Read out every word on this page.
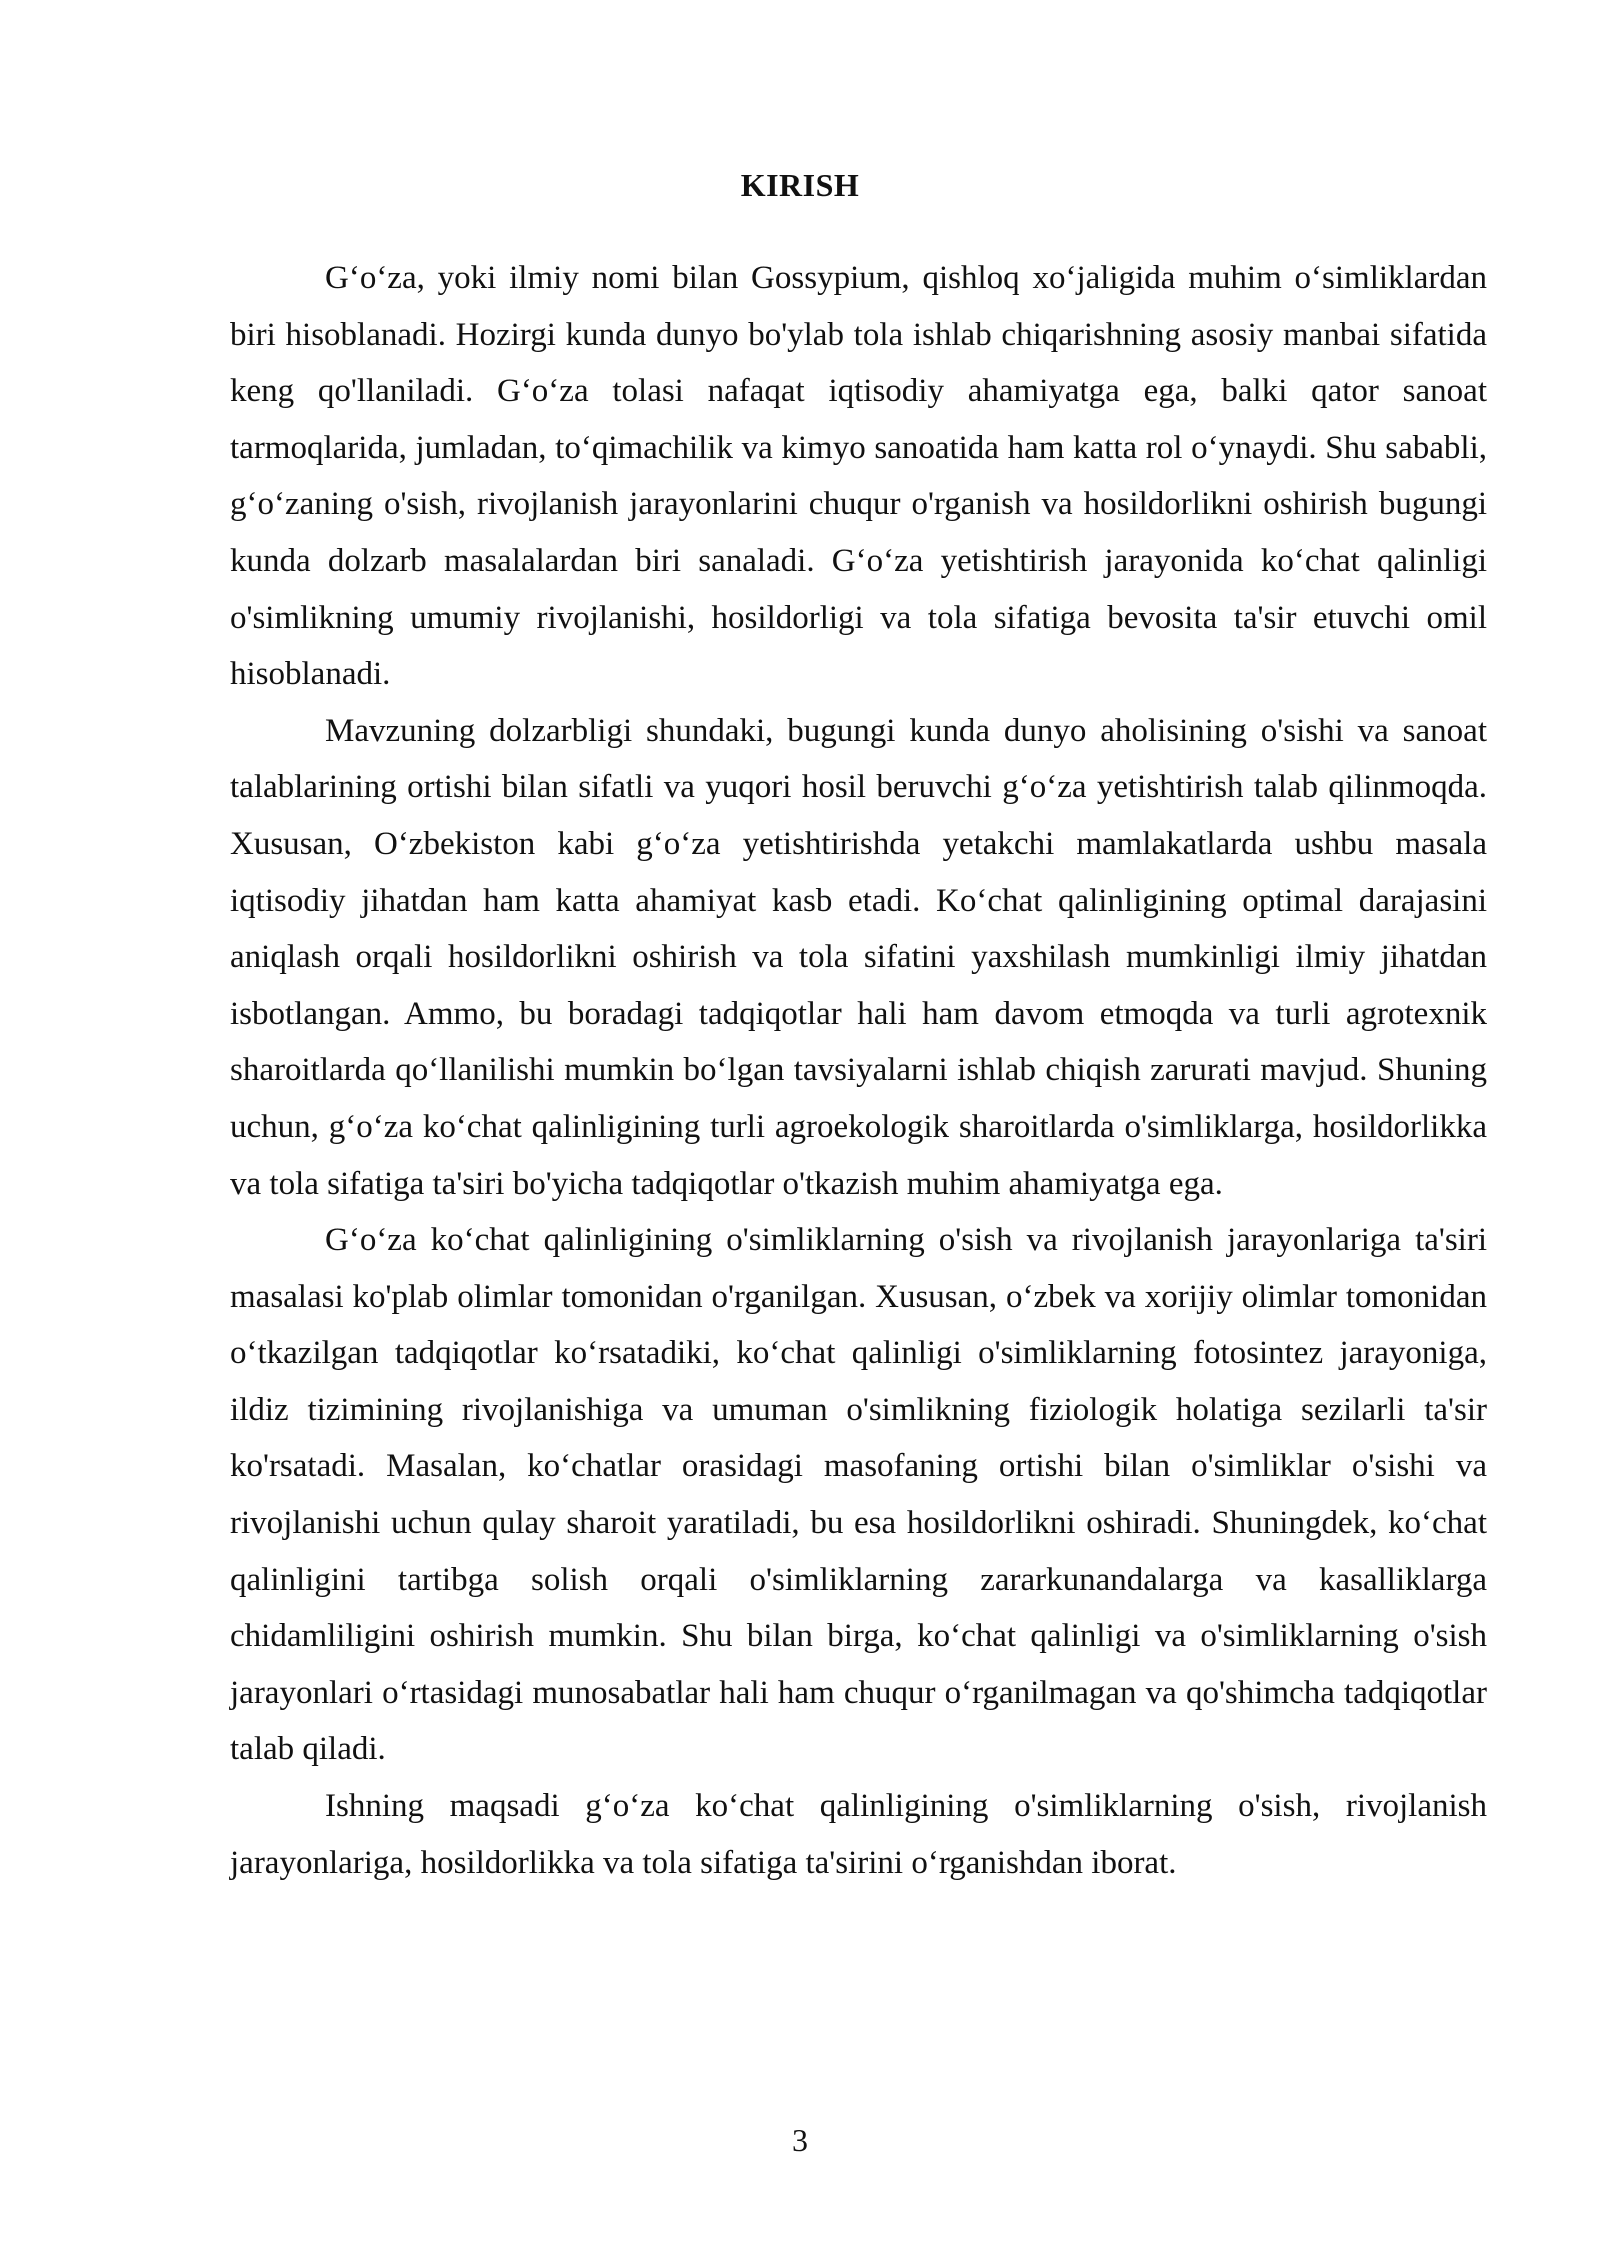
KIRISH

G‘o‘za, yoki ilmiy nomi bilan Gossypium, qishloq xo‘jaligida muhim o‘simliklardan biri hisoblanadi. Hozirgi kunda dunyo bo'ylab tola ishlab chiqarishning asosiy manbai sifatida keng qo'llaniladi. G‘o‘za tolasi nafaqat iqtisodiy ahamiyatga ega, balki qator sanoat tarmoqlarida, jumladan, to‘qimachilik va kimyo sanoatida ham katta rol o‘ynaydi. Shu sababli, g‘o‘zaning o'sish, rivojlanish jarayonlarini chuqur o'rganish va hosildorlikni oshirish bugungi kunda dolzarb masalalardan biri sanaladi. G‘o‘za yetishtirish jarayonida ko‘chat qalinligi o'simlikning umumiy rivojlanishi, hosildorligi va tola sifatiga bevosita ta'sir etuvchi omil hisoblanadi.

Mavzuning dolzarbligi shundaki, bugungi kunda dunyo aholisining o'sishi va sanoat talablarining ortishi bilan sifatli va yuqori hosil beruvchi g‘o‘za yetishtirish talab qilinmoqda. Xususan, O‘zbekiston kabi g‘o‘za yetishtirishda yetakchi mamlakatlarda ushbu masala iqtisodiy jihatdan ham katta ahamiyat kasb etadi. Ko‘chat qalinligining optimal darajasini aniqlash orqali hosildorlikni oshirish va tola sifatini yaxshilash mumkinligi ilmiy jihatdan isbotlangan. Ammo, bu boradagi tadqiqotlar hali ham davom etmoqda va turli agrotexnik sharoitlarda qo‘llanilishi mumkin bo‘lgan tavsiyalarni ishlab chiqish zarurati mavjud. Shuning uchun, g‘o‘za ko‘chat qalinligining turli agroekologik sharoitlarda o'simliklarga, hosildorlikka va tola sifatiga ta'siri bo'yicha tadqiqotlar o'tkazish muhim ahamiyatga ega.

G‘o‘za ko‘chat qalinligining o'simliklarning o'sish va rivojlanish jarayonlariga ta'siri masalasi ko'plab olimlar tomonidan o'rganilgan. Xususan, o‘zbek va xorijiy olimlar tomonidan o‘tkazilgan tadqiqotlar ko‘rsatadiki, ko‘chat qalinligi o'simliklarning fotosintez jarayoniga, ildiz tizimining rivojlanishiga va umuman o'simlikning fiziologik holatiga sezilarli ta'sir ko'rsatadi. Masalan, ko‘chatlar orasidagi masofaning ortishi bilan o'simliklar o'sishi va rivojlanishi uchun qulay sharoit yaratiladi, bu esa hosildorlikni oshiradi. Shuningdek, ko‘chat qalinligini tartibga solish orqali o'simliklarning zararkunandalarga va kasalliklarga chidamliligini oshirish mumkin. Shu bilan birga, ko‘chat qalinligi va o'simliklarning o'sish jarayonlari o‘rtasidagi munosabatlar hali ham chuqur o‘rganilmagan va qo'shimcha tadqiqotlar talab qiladi.

Ishning maqsadi g‘o‘za ko‘chat qalinligining o'simliklarning o'sish, rivojlanish jarayonlariga, hosildorlikka va tola sifatiga ta'sirini o‘rganishdan iborat.

3
